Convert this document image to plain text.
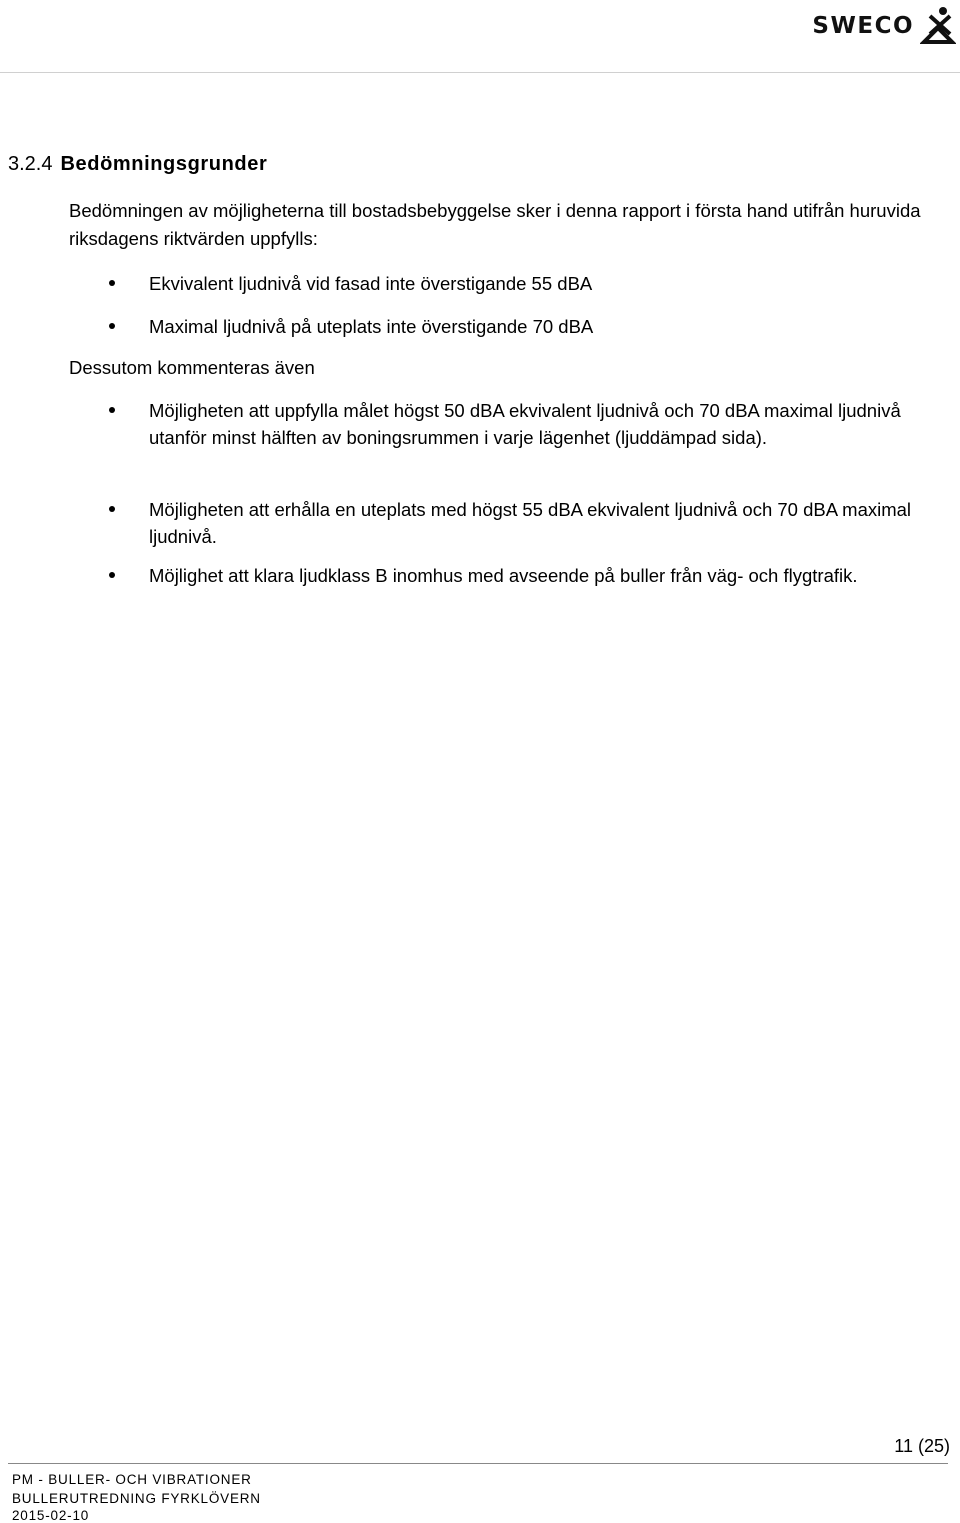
SWECO
3.2.4 Bedömningsgrunder
Bedömningen av möjligheterna till bostadsbebyggelse sker i denna rapport i första hand utifrån huruvida riksdagens riktvärden uppfylls:
Ekvivalent ljudnivå vid fasad inte överstigande 55 dBA
Maximal ljudnivå på uteplats inte överstigande 70 dBA
Dessutom kommenteras även
Möjligheten att uppfylla målet högst 50 dBA ekvivalent ljudnivå och 70 dBA maximal ljudnivå utanför minst hälften av boningsrummen i varje lägenhet (ljuddämpad sida).
Möjligheten att erhålla en uteplats med högst 55 dBA ekvivalent ljudnivå och 70 dBA maximal ljudnivå.
Möjlighet att klara ljudklass B inomhus med avseende på buller från väg- och flygtrafik.
11 (25)
PM - BULLER- OCH VIBRATIONER
BULLERUTREDNING FYRKLÖVERN
2015-02-10
